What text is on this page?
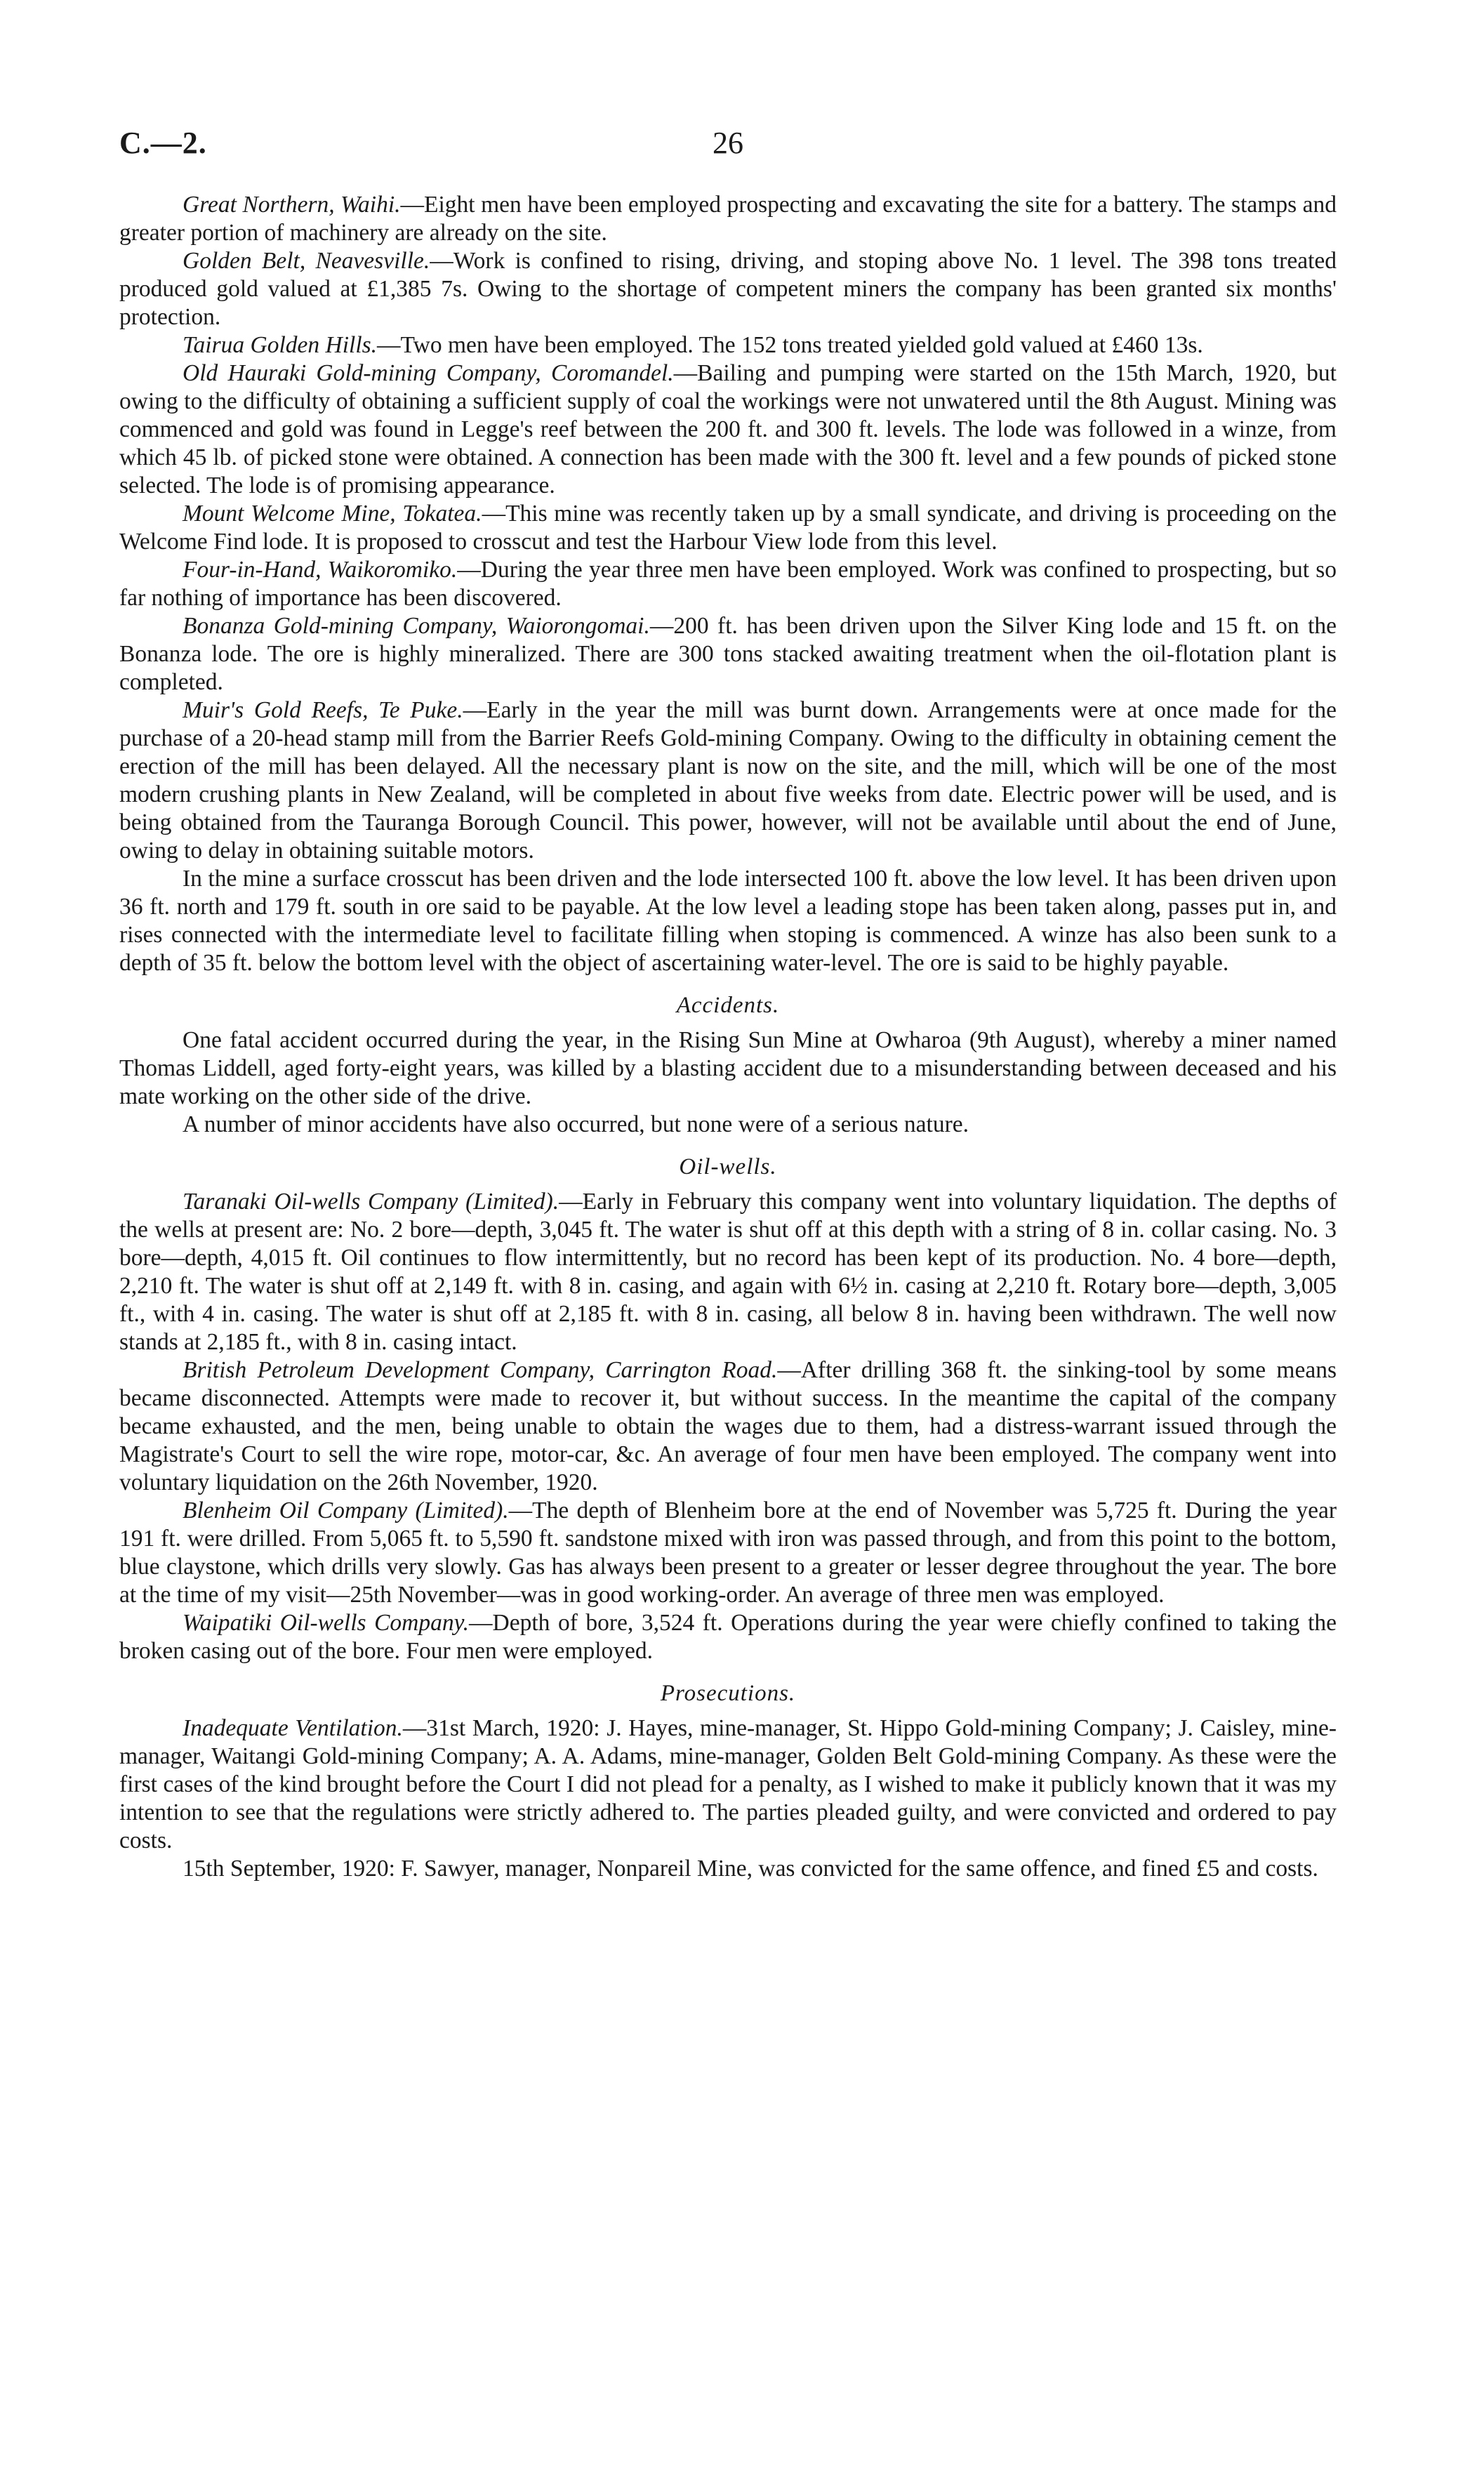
C.—2.	26

Great Northern, Waihi.—Eight men have been employed prospecting and excavating the site for a battery. The stamps and greater portion of machinery are already on the site.

Golden Belt, Neavesville.—Work is confined to rising, driving, and stoping above No. 1 level. The 398 tons treated produced gold valued at £1,385 7s. Owing to the shortage of competent miners the company has been granted six months' protection.

Tairua Golden Hills.—Two men have been employed. The 152 tons treated yielded gold valued at £460 13s.

Old Hauraki Gold-mining Company, Coromandel.—Bailing and pumping were started on the 15th March, 1920, but owing to the difficulty of obtaining a sufficient supply of coal the workings were not unwatered until the 8th August. Mining was commenced and gold was found in Legge's reef between the 200 ft. and 300 ft. levels. The lode was followed in a winze, from which 45 lb. of picked stone were obtained. A connection has been made with the 300 ft. level and a few pounds of picked stone selected. The lode is of promising appearance.

Mount Welcome Mine, Tokatea.—This mine was recently taken up by a small syndicate, and driving is proceeding on the Welcome Find lode. It is proposed to crosscut and test the Harbour View lode from this level.

Four-in-Hand, Waikoromiko.—During the year three men have been employed. Work was confined to prospecting, but so far nothing of importance has been discovered.

Bonanza Gold-mining Company, Waiorongomai.—200 ft. has been driven upon the Silver King lode and 15 ft. on the Bonanza lode. The ore is highly mineralized. There are 300 tons stacked awaiting treatment when the oil-flotation plant is completed.

Muir's Gold Reefs, Te Puke.—Early in the year the mill was burnt down. Arrangements were at once made for the purchase of a 20-head stamp mill from the Barrier Reefs Gold-mining Company. Owing to the difficulty in obtaining cement the erection of the mill has been delayed. All the necessary plant is now on the site, and the mill, which will be one of the most modern crushing plants in New Zealand, will be completed in about five weeks from date. Electric power will be used, and is being obtained from the Tauranga Borough Council. This power, however, will not be available until about the end of June, owing to delay in obtaining suitable motors.

In the mine a surface crosscut has been driven and the lode intersected 100 ft. above the low level. It has been driven upon 36 ft. north and 179 ft. south in ore said to be payable. At the low level a leading stope has been taken along, passes put in, and rises connected with the intermediate level to facilitate filling when stoping is commenced. A winze has also been sunk to a depth of 35 ft. below the bottom level with the object of ascertaining water-level. The ore is said to be highly payable.

Accidents.

One fatal accident occurred during the year, in the Rising Sun Mine at Owharoa (9th August), whereby a miner named Thomas Liddell, aged forty-eight years, was killed by a blasting accident due to a misunderstanding between deceased and his mate working on the other side of the drive.

A number of minor accidents have also occurred, but none were of a serious nature.

Oil-wells.

Taranaki Oil-wells Company (Limited).—Early in February this company went into voluntary liquidation. The depths of the wells at present are: No. 2 bore—depth, 3,045 ft. The water is shut off at this depth with a string of 8 in. collar casing. No. 3 bore—depth, 4,015 ft. Oil continues to flow intermittently, but no record has been kept of its production. No. 4 bore—depth, 2,210 ft. The water is shut off at 2,149 ft. with 8 in. casing, and again with 6½ in. casing at 2,210 ft. Rotary bore—depth, 3,005 ft., with 4 in. casing. The water is shut off at 2,185 ft. with 8 in. casing, all below 8 in. having been withdrawn. The well now stands at 2,185 ft., with 8 in. casing intact.

British Petroleum Development Company, Carrington Road.—After drilling 368 ft. the sinking-tool by some means became disconnected. Attempts were made to recover it, but without success. In the meantime the capital of the company became exhausted, and the men, being unable to obtain the wages due to them, had a distress-warrant issued through the Magistrate's Court to sell the wire rope, motor-car, &c. An average of four men have been employed. The company went into voluntary liquidation on the 26th November, 1920.

Blenheim Oil Company (Limited).—The depth of Blenheim bore at the end of November was 5,725 ft. During the year 191 ft. were drilled. From 5,065 ft. to 5,590 ft. sandstone mixed with iron was passed through, and from this point to the bottom, blue claystone, which drills very slowly. Gas has always been present to a greater or lesser degree throughout the year. The bore at the time of my visit—25th November—was in good working-order. An average of three men was employed.

Waipatiki Oil-wells Company.—Depth of bore, 3,524 ft. Operations during the year were chiefly confined to taking the broken casing out of the bore. Four men were employed.

Prosecutions.

Inadequate Ventilation.—31st March, 1920: J. Hayes, mine-manager, St. Hippo Gold-mining Company; J. Caisley, mine-manager, Waitangi Gold-mining Company; A. A. Adams, mine-manager, Golden Belt Gold-mining Company. As these were the first cases of the kind brought before the Court I did not plead for a penalty, as I wished to make it publicly known that it was my intention to see that the regulations were strictly adhered to. The parties pleaded guilty, and were convicted and ordered to pay costs.

15th September, 1920: F. Sawyer, manager, Nonpareil Mine, was convicted for the same offence, and fined £5 and costs.
